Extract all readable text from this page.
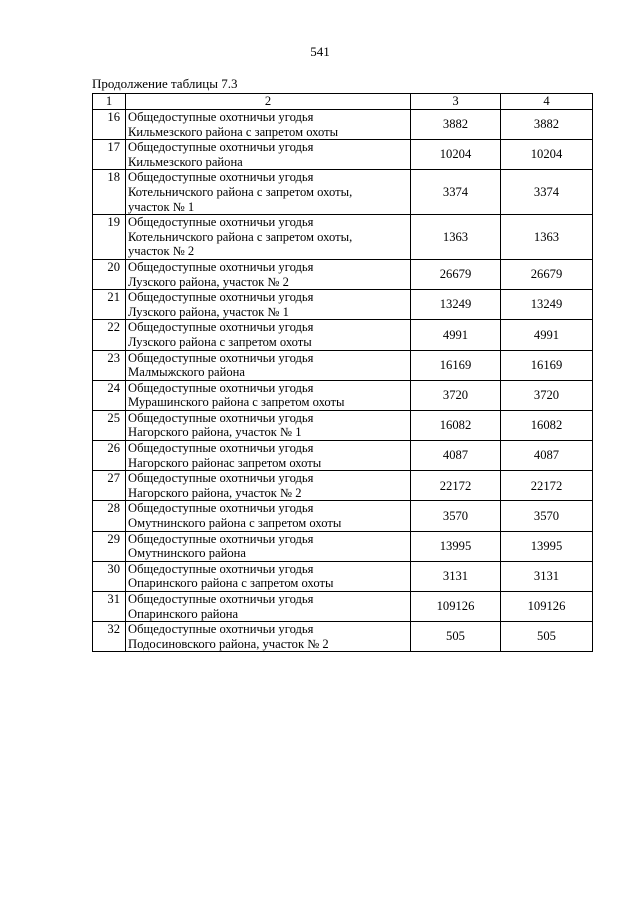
541
Продолжение таблицы 7.3
1	2	3	4
16	Общедоступные охотничьи угодья
Кильмезского района с запретом охоты	3882	3882
17	Общедоступные охотничьи угодья
Кильмезского района	10204	10204
18	Общедоступные охотничьи угодья
Котельничского района с запретом охоты,
участок № 1	3374	3374
19	Общедоступные охотничьи угодья
Котельничского района с запретом охоты,
участок № 2	1363	1363
20	Общедоступные охотничьи угодья
Лузского района, участок № 2	26679	26679
21	Общедоступные охотничьи угодья
Лузского района, участок № 1	13249	13249
22	Общедоступные охотничьи угодья
Лузского района с запретом охоты	4991	4991
23	Общедоступные охотничьи угодья
Малмыжского района	16169	16169
24	Общедоступные охотничьи угодья
Мурашинского района с запретом охоты	3720	3720
25	Общедоступные охотничьи угодья
Нагорского района, участок № 1	16082	16082
26	Общедоступные охотничьи угодья
Нагорского районас запретом охоты	4087	4087
27	Общедоступные охотничьи угодья
Нагорского района, участок № 2	22172	22172
28	Общедоступные охотничьи угодья
Омутнинского района с запретом охоты	3570	3570
29	Общедоступные охотничьи угодья
Омутнинского района	13995	13995
30	Общедоступные охотничьи угодья
Опаринского района с запретом охоты	3131	3131
31	Общедоступные охотничьи угодья
Опаринского района	109126	109126
32	Общедоступные охотничьи угодья
Подосиновского района, участок № 2	505	505
